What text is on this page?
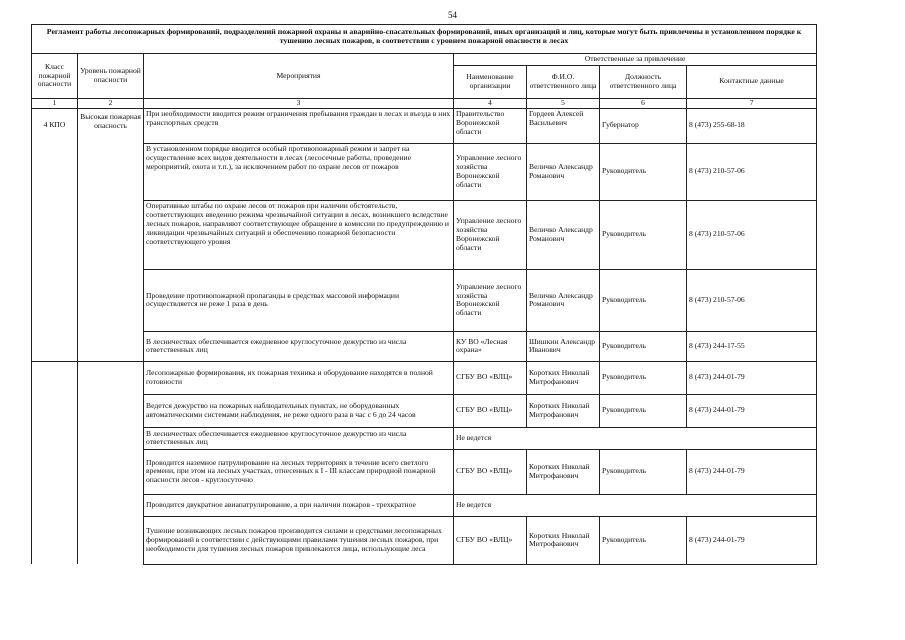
54
Регламент работы лесопожарных формирований, подразделений пожарной охраны и аварийно-спасательных формирований, иных организаций и лиц, которые могут быть привлечены в установленном порядке к тушению лесных пожаров, в соответствии с уровнем пожарной опасности в лесах						
Класс пожарной опасности	Уровень пожарной опасности	Мероприятия	Ответственные за привлечение			
			Наименование организации	Ф.И.О. ответственного лица	Должность ответственного лица	Контактные данные
1	2	3	4	5	6	7
4 КПО	Высокая пожарная опасность	При необходимости вводится режим ограничения пребывания граждан в лесах и въезда в них транспортных средств	Правительство Воронежской области	Гордеев Алексей Васильевич	Губернатор	8 (473) 255-68-18
		В установленном порядке вводится особый противопожарный режим и запрет на осуществление всех видов деятельности в лесах (лесосечные работы, проведение мероприятий, охота и т.п.), за исключением работ по охране лесов от пожаров	Управление лесного хозяйства Воронежской области	Величко Александр Романович	Руководитель	8 (473) 210-57-06
		Оперативные штабы по охране лесов от пожаров при наличии обстоятельств, соответствующих введению режима чрезвычайной ситуации в лесах, возникшего вследствие лесных пожаров, направляют соответствующее обращение в комиссии по предупреждению и ликвидации чрезвычайных ситуаций и обеспечению пожарной безопасности соответствующего уровня	Управление лесного хозяйства Воронежской области	Величко Александр Романович	Руководитель	8 (473) 210-57-06
		Проведение противопожарной пропаганды в средствах массовой информации осуществляется не реже 1 раза в день	Управление лесного хозяйства Воронежской области	Величко Александр Романович	Руководитель	8 (473) 210-57-06
		В лесничествах обеспечивается ежедневное круглосуточное дежурство из числа ответственных лиц	КУ ВО «Лесная охрана»	Шишкин Александр Иванович	Руководитель	8 (473) 244-17-55
		Лесопожарные формирования, их пожарная техника и оборудование находятся в полной готовности	СГБУ ВО «ВЛЦ»	Коротких Николай Митрофанович	Руководитель	8 (473) 244-01-79
		Ведется дежурство на пожарных наблюдательных пунктах, не оборудованных автоматическими системами наблюдения, не реже одного раза в час с 6 до 24 часов	СГБУ ВО «ВЛЦ»	Коротких Николай Митрофанович	Руководитель	8 (473) 244-01-79
		В лесничествах обеспечивается ежедневное круглосуточное дежурство из числа ответственных лиц	Не ведется			
		Проводится наземное патрулирование на лесных территориях в течение всего светлого времени, при этом на лесных участках, отнесенных к I - III классам природной пожарной опасности лесов - круглосуточно	СГБУ ВО «ВЛЦ»	Коротких Николай Митрофанович	Руководитель	8 (473) 244-01-79
		Проводится двукратное авиапатрулирование, а при наличии пожаров - трехкратное	Не ведется			
		Тушение возникающих лесных пожаров производится силами и средствами лесопожарных формирований в соответствии с действующими правилами тушения лесных пожаров, при необходимости для тушения лесных пожаров привлекаются лица, использующие леса	СГБУ ВО «ВЛЦ»	Коротких Николай Митрофанович	Руководитель	8 (473) 244-01-79
